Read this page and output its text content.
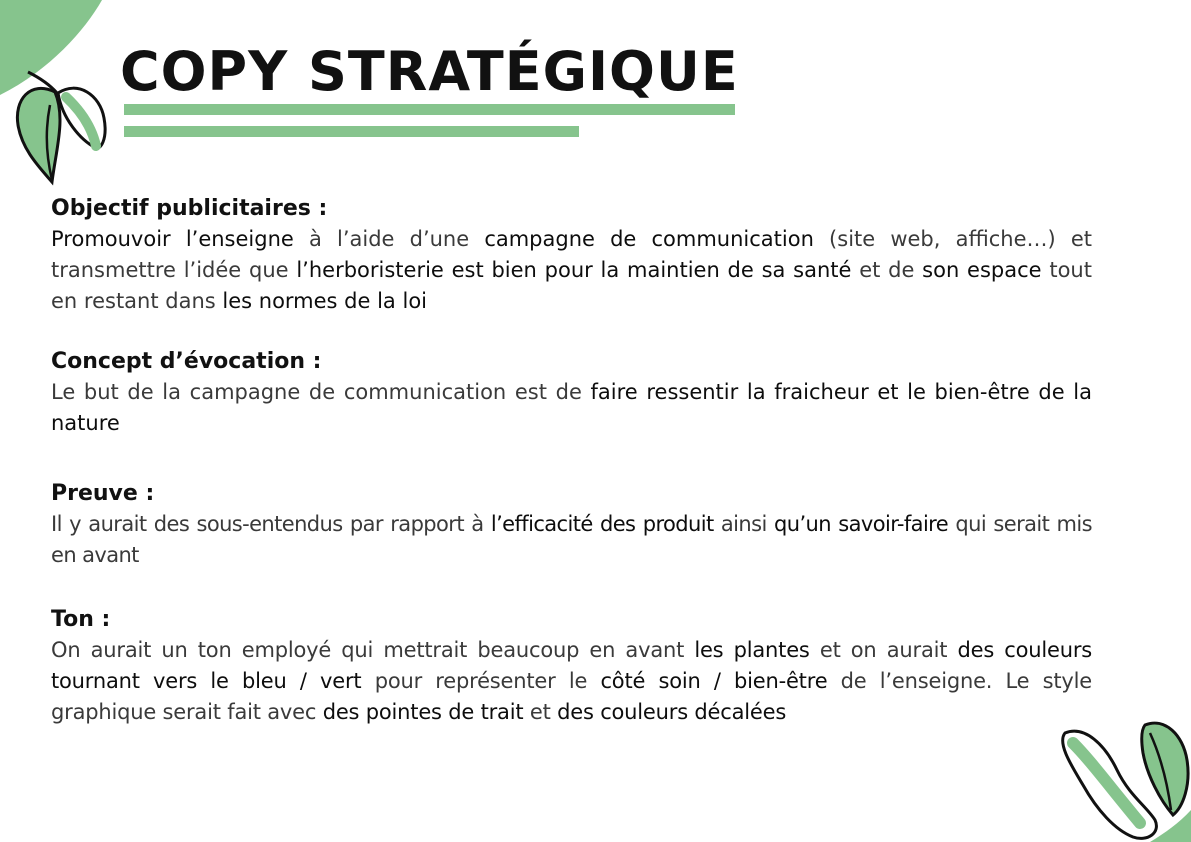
COPY STRATÉGIQUE
Objectif publicitaires :

Promouvoir l’enseigne à l’aide d’une campagne de communication (site web, affiche…) et transmettre l’idée que l’herboristerie est bien pour la maintien de sa santé et de son espace tout en restant dans les normes de la loi

Concept d’évocation :

Le but de la campagne de communication est de faire ressentir la fraicheur et le bien-être de la nature

Preuve :

Il y aurait des sous-entendus par rapport à l’efficacité des produit ainsi qu’un savoir-faire qui serait mis en avant

Ton :

On aurait un ton employé qui mettrait beaucoup en avant les plantes et on aurait des couleurs tournant vers le bleu / vert pour représenter le côté soin / bien-être de l’enseigne. Le style graphique serait fait avec des pointes de trait et des couleurs décalées
